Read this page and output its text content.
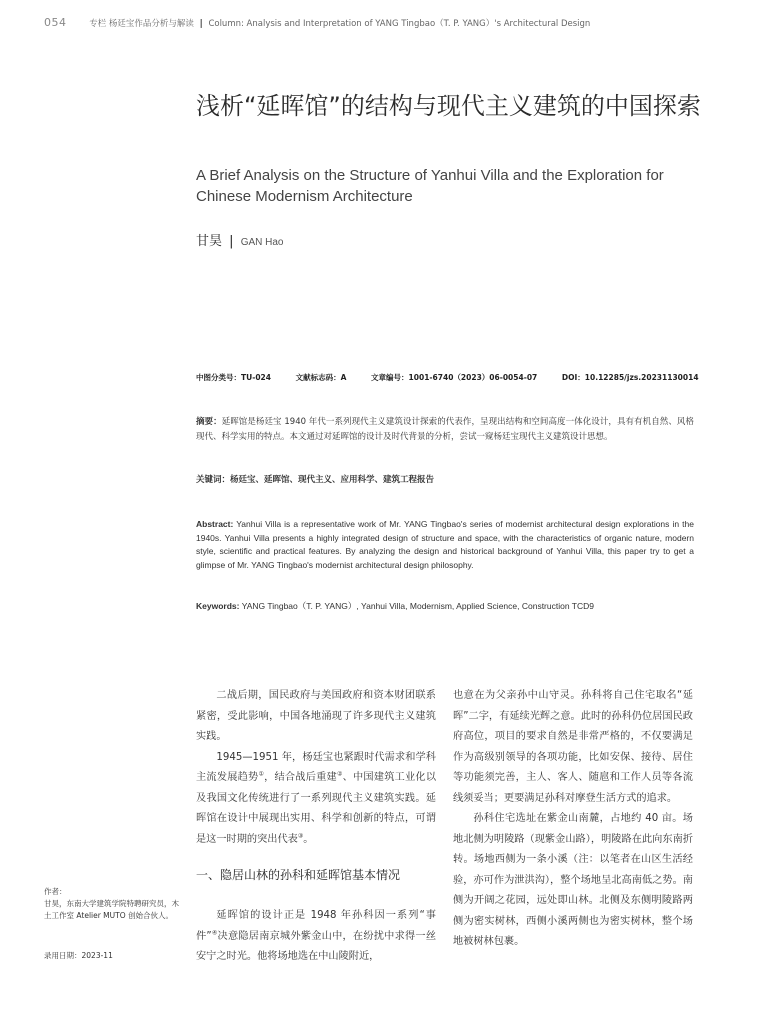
054	专栏 杨廷宝作品分析与解读 | Column: Analysis and Interpretation of YANG Tingbao（T. P. YANG）'s Architectural Design
浅析“延晖馆”的结构与现代主义建筑的中国探索
A Brief Analysis on the Structure of Yanhui Villa and the Exploration for Chinese Modernism Architecture
甘昊 | GAN Hao
中图分类号：TU-024	文献标志码：A	文章编号：1001-6740（2023）06-0054-07	DOI：10.12285/jzs.20231130014
摘要：延晖馆是杨廷宝 1940 年代一系列现代主义建筑设计探索的代表作，呈现出结构和空间高度一体化设计，具有有机自然、风格现代、科学实用的特点。本文通过对延晖馆的设计及时代背景的分析，尝试一窥杨廷宝现代主义建筑设计思想。
关键词：杨廷宝、延晖馆、现代主义、应用科学、建筑工程报告
Abstract: Yanhui Villa is a representative work of Mr. YANG Tingbao's series of modernist architectural design explorations in the 1940s. Yanhui Villa presents a highly integrated design of structure and space, with the characteristics of organic nature, modern style, scientific and practical features. By analyzing the design and historical background of Yanhui Villa, this paper try to get a glimpse of Mr. YANG Tingbao's modernist architectural design philosophy.
Keywords: YANG Tingbao（T. P. YANG）, Yanhui Villa, Modernism, Applied Science, Construction TCD9

二战后期，国民政府与美国政府和资本财团联系紧密，受此影响，中国各地涌现了许多现代主义建筑实践。

1945—1951 年，杨廷宝也紧跟时代需求和学科主流发展趋势①，结合战后重建②、中国建筑工业化以及我国文化传统进行了一系列现代主义建筑实践。延晖馆在设计中展现出实用、科学和创新的特点，可谓是这一时期的突出代表③。

一、隐居山林的孙科和延晖馆基本情况

延晖馆的设计正是 1948 年孙科因一系列“事件”④决意隐居南京城外紫金山中，在纷扰中求得一丝安宁之时光。他将场地选在中山陵附近，

也意在为父亲孙中山守灵。孙科将自己住宅取名“延晖”二字，有延续光辉之意。此时的孙科仍位居国民政府高位，项目的要求自然是非常严格的，不仅要满足作为高级别领导的各项功能，比如安保、接待、居住等功能须完善，主人、客人、随扈和工作人员等各流线须妥当；更要满足孙科对摩登生活方式的追求。

孙科住宅选址在紫金山南麓，占地约 40 亩。场地北侧为明陵路（现紫金山路），明陵路在此向东南折转。场地西侧为一条小溪（注：以笔者在山区生活经验，亦可作为泄洪沟），整个场地呈北高南低之势。南侧为开阔之花园，远处即山林。北侧及东侧明陵路两侧为密实树林，西侧小溪两侧也为密实树林，整个场地被树林包裹。

作者：
甘昊，东南大学建筑学院特聘研究员，木土工作室 Atelier MUTO 创始合伙人。
录用日期：2023-11
